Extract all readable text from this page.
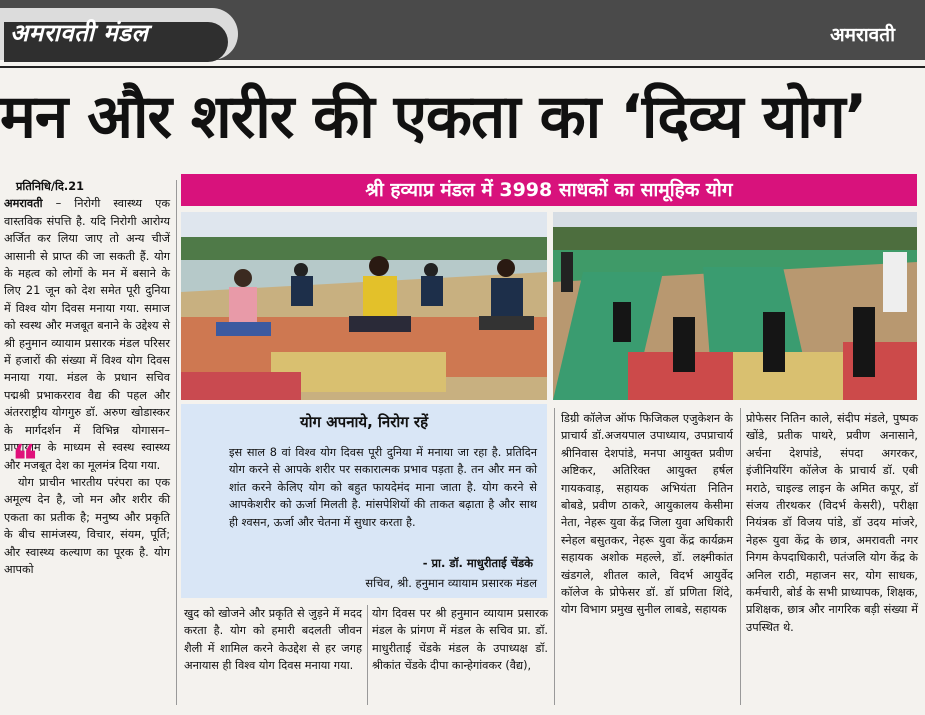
अमरावती मंडल	अमरावती
मन और शरीर की एकता का ‘दिव्य योग’
प्रतिनिधि/दि.21
अमरावती – निरोगी स्वास्थ्य एक वास्तविक संपत्ति है. यदि निरोगी आरोग्य अर्जित कर लिया जाए तो अन्य चीजें आसानी से प्राप्त की जा सकती हैं. योग के महत्व को लोगों के मन में बसाने के लिए 21 जून को देश समेत पूरी दुनिया में विश्व योग दिवस मनाया गया. समाज को स्वस्थ और मजबूत बनाने के उद्देश्य से श्री हनुमान व्यायाम प्रसारक मंडल परिसर में हजारों की संख्या में विश्व योग दिवस मनाया गया. मंडल के प्रधान सचिव पद्मश्री प्रभाकरराव वैद्य की पहल और अंतरराष्ट्रीय योगगुरु डॉ. अरुण खोडास्कर के मार्गदर्शन में विभिन्न योगासन–प्राणायाम के माध्यम से स्वस्थ स्वास्थ्य और मजबूत देश का मूलमंत्र दिया गया.
योग प्राचीन भारतीय परंपरा का एक अमूल्य देन है, जो मन और शरीर की एकता का प्रतीक है; मनुष्य और प्रकृति के बीच सामंजस्य, विचार, संयम, पूर्ति; और स्वास्थ्य कल्याण का पूरक है. योग आपको
श्री हव्याप्र मंडल में 3998 साधकों का सामूहिक योग
योग अपनाये, निरोग रहें
इस साल 8 वां विश्व योग दिवस पूरी दुनिया में मनाया जा रहा है. प्रतिदिन योग करने से आपके शरीर पर सकारात्मक प्रभाव पड़ता है. तन और मन को शांत करने केलिए योग को बहुत फायदेमंद माना जाता है. योग करने से आपकेशरीर को ऊर्जा मिलती है. मांसपेशियों की ताकत बढ़ाता है और साथ ही श्वसन, ऊर्जा और चेतना में सुधार करता है.
- प्रा. डॉ. माधुरीताई चेंडके
सचिव, श्री. हनुमान व्यायाम प्रसारक मंडल
❝
खुद को खोजने और प्रकृति से जुड़ने में मदद करता है. योग को हमारी बदलती जीवन शैली में शामिल करने केउद्देश से हर जगह अनायास ही विश्व योग दिवस मनाया गया.
योग दिवस पर श्री हनुमान व्यायाम प्रसारक मंडल के प्रांगण में मंडल के सचिव प्रा. डॉ. माधुरीताई चेंडके मंडल के उपाध्यक्ष डॉ. श्रीकांत चेंडके दीपा कान्हेगांवकर (वैद्य),
डिग्री कॉलेज ऑफ फिजिकल एजुकेशन के प्राचार्य डॉ.अजयपाल उपाध्याय, उपप्राचार्य श्रीनिवास देशपांडे, मनपा आयुक्त प्रवीण अष्टिकर, अतिरिक्त आयुक्त हर्षल गायकवाड़, सहायक अभियंता नितिन बोबडे, प्रवीण ठाकरे, आयुकालय केसीमा नेता, नेहरू युवा केंद्र जिला युवा अधिकारी स्नेहल बसुतकर, नेहरू युवा केंद्र कार्यक्रम सहायक अशोक महल्ले, डॉ. लक्ष्मीकांत खंडगले, शीतल काले, विदर्भ आयुर्वेद कॉलेज के प्रोफेसर डॉ. डॉ प्रणिता शिंदे, योग विभाग प्रमुख सुनील लाबडे, सहायक
प्रोफेसर नितिन काले, संदीप मंडले, पुष्पक खोंडे, प्रतीक पाथरे, प्रवीण अनासाने, अर्चना देशपांडे, संपदा अगरकर, इंजीनियरिंग कॉलेज के प्राचार्य डॉ. एबी मराठे, चाइल्ड लाइन के अमित कपूर, डॉ संजय तीरथकर (विदर्भ केसरी), परीक्षा नियंत्रक डॉ विजय पांडे, डॉ उदय मांजरे, नेहरू युवा केंद्र के छात्र, अमरावती नगर निगम केपदाधिकारी, पतंजलि योग केंद्र के अनिल राठी, महाजन सर, योग साधक, कर्मचारी, बोर्ड के सभी प्राध्यापक, शिक्षक, प्रशिक्षक, छात्र और नागरिक बड़ी संख्या में उपस्थित थे.
